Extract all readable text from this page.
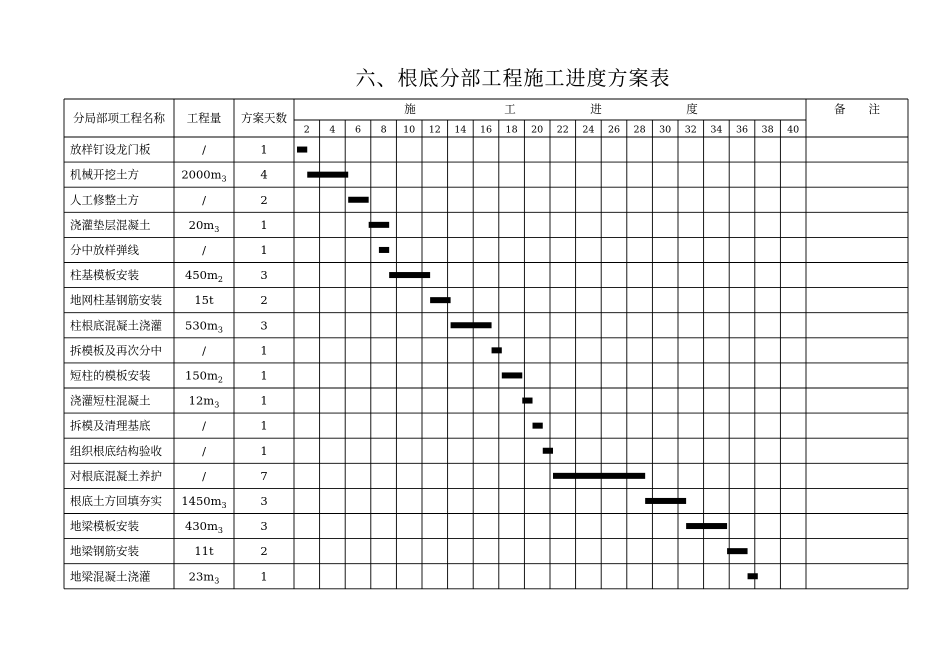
六、根底分部工程施工进度方案表
分局部项工程名称 工程量 方案天数
备　　注
施	工	进	度
2 4 6 8 10 12 14 16 18 20 22 24 26 28 30 32 34 36 38 40
放样钉设龙门板	/	1
机械开挖土方	$2000m_3$	4
人工修整土方	/	2
浇灌垫层混凝土	$20m_3$	1
分中放样弹线	/	1
柱基模板安装	$450m_2$	3
地网柱基钢筋安装	15t	2
柱根底混凝土浇灌 $530m_3$	3
拆模板及再次分中	/	1
短柱的模板安装	$150m_2$	1
浇灌短柱混凝土	$12m_3$	1
拆模及清理基底	/	1
组织根底结构验收	/	1
对根底混凝土养护	/	7
根底土方回填夯实 $1450m_3$	3
地梁模板安装	$430m_3$	3
地梁钢筋安装	11t	2
地梁混凝土浇灌	$23m_3$	1
